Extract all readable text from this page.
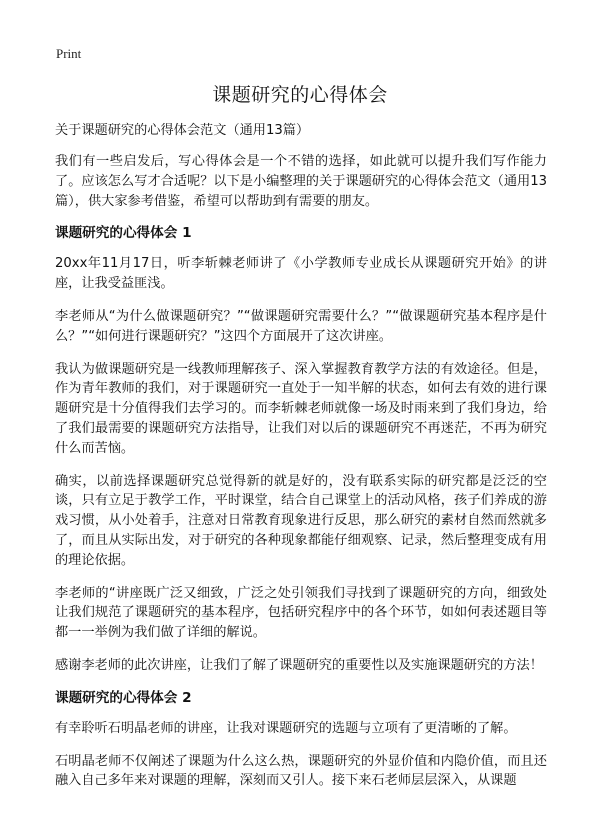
Print
课题研究的心得体会
关于课题研究的心得体会范文（通用13篇）

我们有一些启发后，写心得体会是一个不错的选择，如此就可以提升我们写作能力了。应该怎么写才合适呢？以下是小编整理的关于课题研究的心得体会范文（通用13篇），供大家参考借鉴，希望可以帮助到有需要的朋友。

课题研究的心得体会 1

20xx年11月17日，听李斩棘老师讲了《小学教师专业成长从课题研究开始》的讲座，让我受益匪浅。

李老师从“为什么做课题研究？”“做课题研究需要什么？”“做课题研究基本程序是什么？”“如何进行课题研究？”这四个方面展开了这次讲座。

我认为做课题研究是一线教师理解孩子、深入掌握教育教学方法的有效途径。但是，作为青年教师的我们，对于课题研究一直处于一知半解的状态，如何去有效的进行课题研究是十分值得我们去学习的。而李斩棘老师就像一场及时雨来到了我们身边，给了我们最需要的课题研究方法指导，让我们对以后的课题研究不再迷茫，不再为研究什么而苦恼。

确实，以前选择课题研究总觉得新的就是好的，没有联系实际的研究都是泛泛的空谈，只有立足于教学工作，平时课堂，结合自己课堂上的活动风格，孩子们养成的游戏习惯，从小处着手，注意对日常教育现象进行反思，那么研究的素材自然而然就多了，而且从实际出发，对于研究的各种现象都能仔细观察、记录，然后整理变成有用的理论依据。

李老师的“讲座既广泛又细致，广泛之处引领我们寻找到了课题研究的方向，细致处让我们规范了课题研究的基本程序，包括研究程序中的各个环节，如如何表述题目等都一一举例为我们做了详细的解说。

感谢李老师的此次讲座，让我们了解了课题研究的重要性以及实施课题研究的方法！

课题研究的心得体会 2

有幸聆听石明晶老师的讲座，让我对课题研究的选题与立项有了更清晰的了解。

石明晶老师不仅阐述了课题为什么这么热，课题研究的外显价值和内隐价值，而且还融入自己多年来对课题的理解，深刻而又引人。接下来石老师层层深入，从课题
